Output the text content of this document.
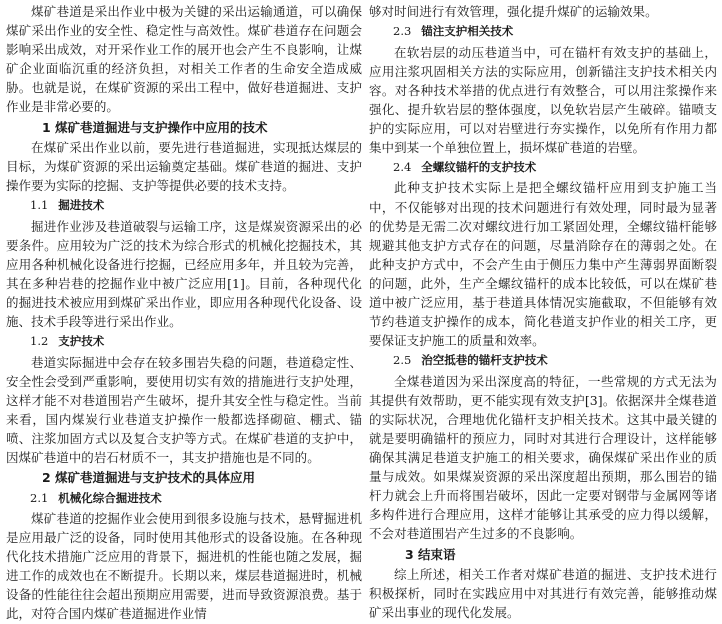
煤矿巷道是采出作业中极为关键的采出运输通道，可以确保煤矿采出作业的安全性、稳定性与高效性。煤矿巷道存在问题会影响采出成效，对开采作业工作的展开也会产生不良影响，让煤矿企业面临沉重的经济负担，对相关工作者的生命安全造成威胁。也就是说，在煤矿资源的采出工程中，做好巷道掘进、支护作业是非常必要的。

1 煤矿巷道掘进与支护操作中应用的技术

在煤矿采出作业以前，要先进行巷道掘进，实现抵达煤层的目标，为煤矿资源的采出运输奠定基础。煤矿巷道的掘进、支护操作要为实际的挖掘、支护等提供必要的技术支持。

1.1 掘进技术

掘进作业涉及巷道破裂与运输工序，这是煤炭资源采出的必要条件。应用较为广泛的技术为综合形式的机械化挖掘技术，其应用各种机械化设备进行挖掘，已经应用多年，并且较为完善，其在多种岩巷的挖掘作业中被广泛应用[1]。目前，各种现代化的掘进技术被应用到煤矿采出作业，即应用各种现代化设备、设施、技术手段等进行采出作业。

1.2 支护技术

巷道实际掘进中会存在较多围岩失稳的问题，巷道稳定性、安全性会受到严重影响，要使用切实有效的措施进行支护处理，这样才能不对巷道围岩产生破坏，提升其安全性与稳定性。当前来看，国内煤炭行业巷道支护操作一般都选择砌碹、棚式、锚喷、注浆加固方式以及复合支护等方式。在煤矿巷道的支护中，因煤矿巷道中的岩石材质不一，其支护措施也是不同的。

2 煤矿巷道掘进与支护技术的具体应用
2.1 机械化综合掘进技术

煤矿巷道的挖掘作业会使用到很多设施与技术，悬臂掘进机是应用最广泛的设备，同时使用其他形式的设备设施。在各种现代化技术措施广泛应用的背景下，掘进机的性能也随之发展，掘进工作的成效也在不断提升。长期以来，煤层巷道掘进时，机械设备的性能往往会超出预期应用需要，进而导致资源浪费。基于此，对符合国内煤矿巷道掘进作业情

够对时间进行有效管理，强化提升煤矿的运输效果。

2.3 锚注支护相关技术

在软岩层的动压巷道当中，可在锚杆有效支护的基础上，应用注浆巩固相关方法的实际应用，创新锚注支护技术相关内容。对各种技术举措的优点进行有效整合，可以用注浆操作来强化、提升软岩层的整体强度，以免软岩层产生破碎。锚喷支护的实际应用，可以对岩壁进行夯实操作，以免所有作用力都集中到某一个单独位置上，损坏煤矿巷道的岩壁。

2.4 全螺纹锚杆的支护技术

此种支护技术实际上是把全螺纹锚杆应用到支护施工当中，不仅能够对出现的技术问题进行有效处理，同时最为显著的优势是无需二次对螺纹进行加工紧固处理，全螺纹锚杆能够规避其他支护方式存在的问题，尽量消除存在的薄弱之处。在此种支护方式中，不会产生由于侧压力集中产生薄弱界面断裂的问题，此外，生产全螺纹锚杆的成本比较低，可以在煤矿巷道中被广泛应用，基于巷道具体情况实施截取，不但能够有效节约巷道支护操作的成本，简化巷道支护作业的相关工序，更要保证支护施工的质量和效率。

2.5 治空抵巷的锚杆支护技术

全煤巷道因为采出深度高的特征，一些常规的方式无法为其提供有效帮助，更不能实现有效支护[3]。依据深井全煤巷道的实际状况，合理地优化锚杆支护相关技术。这其中最关键的就是要明确锚杆的预应力，同时对其进行合理设计，这样能够确保其满足巷道支护施工的相关要求，确保煤矿采出作业的质量与成效。如果煤炭资源的采出深度超出预期，那么围岩的锚杆力就会上升而将围岩破坏，因此一定要对钢带与金属网等诸多构件进行合理应用，这样才能够让其承受的应力得以缓解，不会对巷道围岩产生过多的不良影响。

3 结束语

综上所述，相关工作者对煤矿巷道的掘进、支护技术进行积极探析，同时在实践应用中对其进行有效完善，能够推动煤矿采出事业的现代化发展。
